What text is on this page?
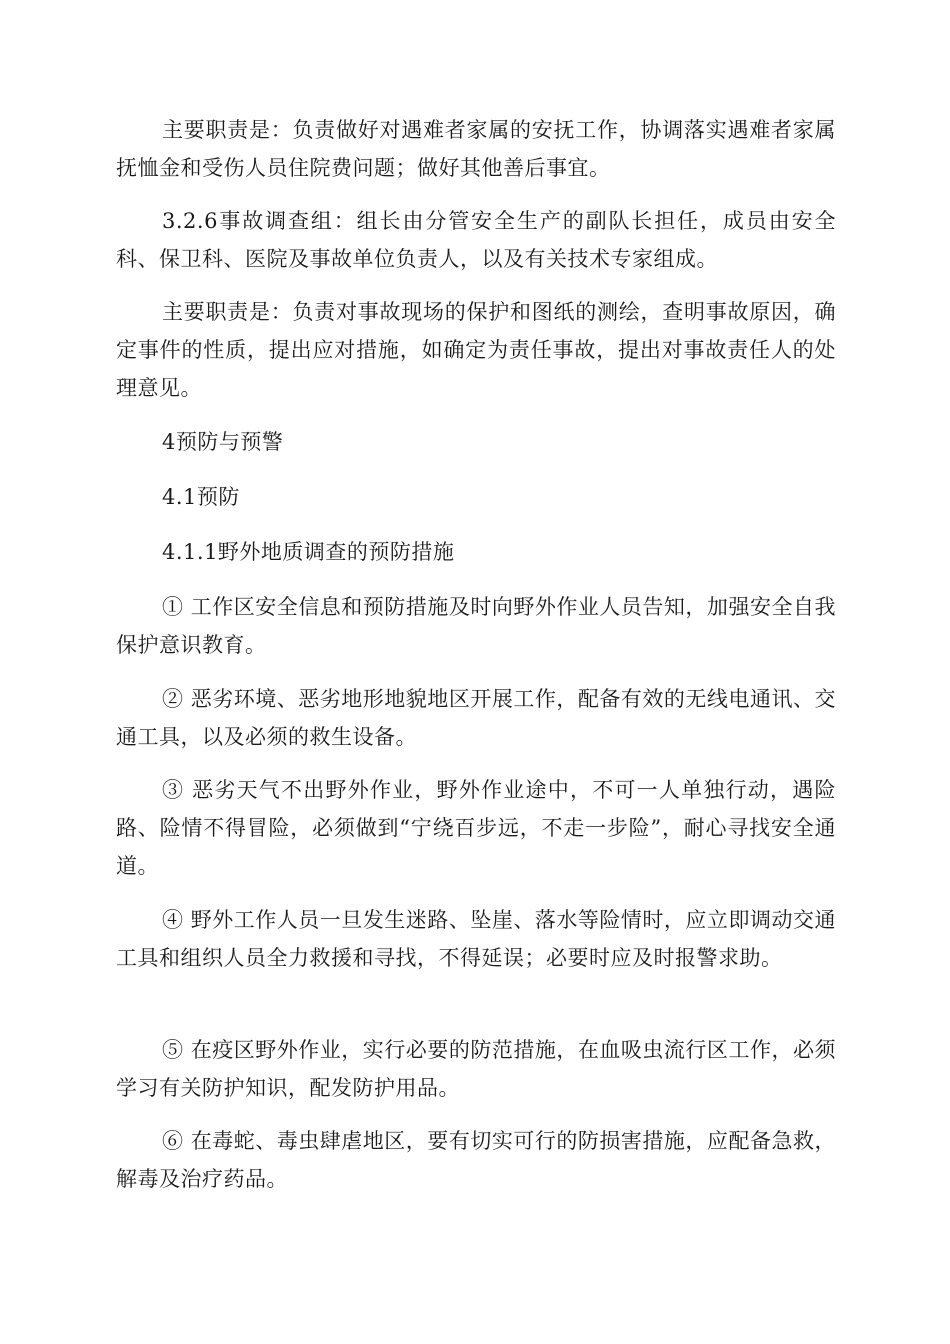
主要职责是：负责做好对遇难者家属的安抚工作，协调落实遇难者家属抚恤金和受伤人员住院费问题；做好其他善后事宜。

3.2.6事故调查组：组长由分管安全生产的副队长担任，成员由安全科、保卫科、医院及事故单位负责人，以及有关技术专家组成。

主要职责是：负责对事故现场的保护和图纸的测绘，查明事故原因，确定事件的性质，提出应对措施，如确定为责任事故，提出对事故责任人的处理意见。

4预防与预警

4.1预防

4.1.1野外地质调查的预防措施

① 工作区安全信息和预防措施及时向野外作业人员告知，加强安全自我保护意识教育。

② 恶劣环境、恶劣地形地貌地区开展工作，配备有效的无线电通讯、交通工具，以及必须的救生设备。

③ 恶劣天气不出野外作业，野外作业途中，不可一人单独行动，遇险路、险情不得冒险，必须做到“宁绕百步远，不走一步险”，耐心寻找安全通道。

④ 野外工作人员一旦发生迷路、坠崖、落水等险情时，应立即调动交通工具和组织人员全力救援和寻找，不得延误；必要时应及时报警求助。

⑤ 在疫区野外作业，实行必要的防范措施，在血吸虫流行区工作，必须学习有关防护知识，配发防护用品。

⑥ 在毒蛇、毒虫肆虐地区，要有切实可行的防损害措施，应配备急救，解毒及治疗药品。
